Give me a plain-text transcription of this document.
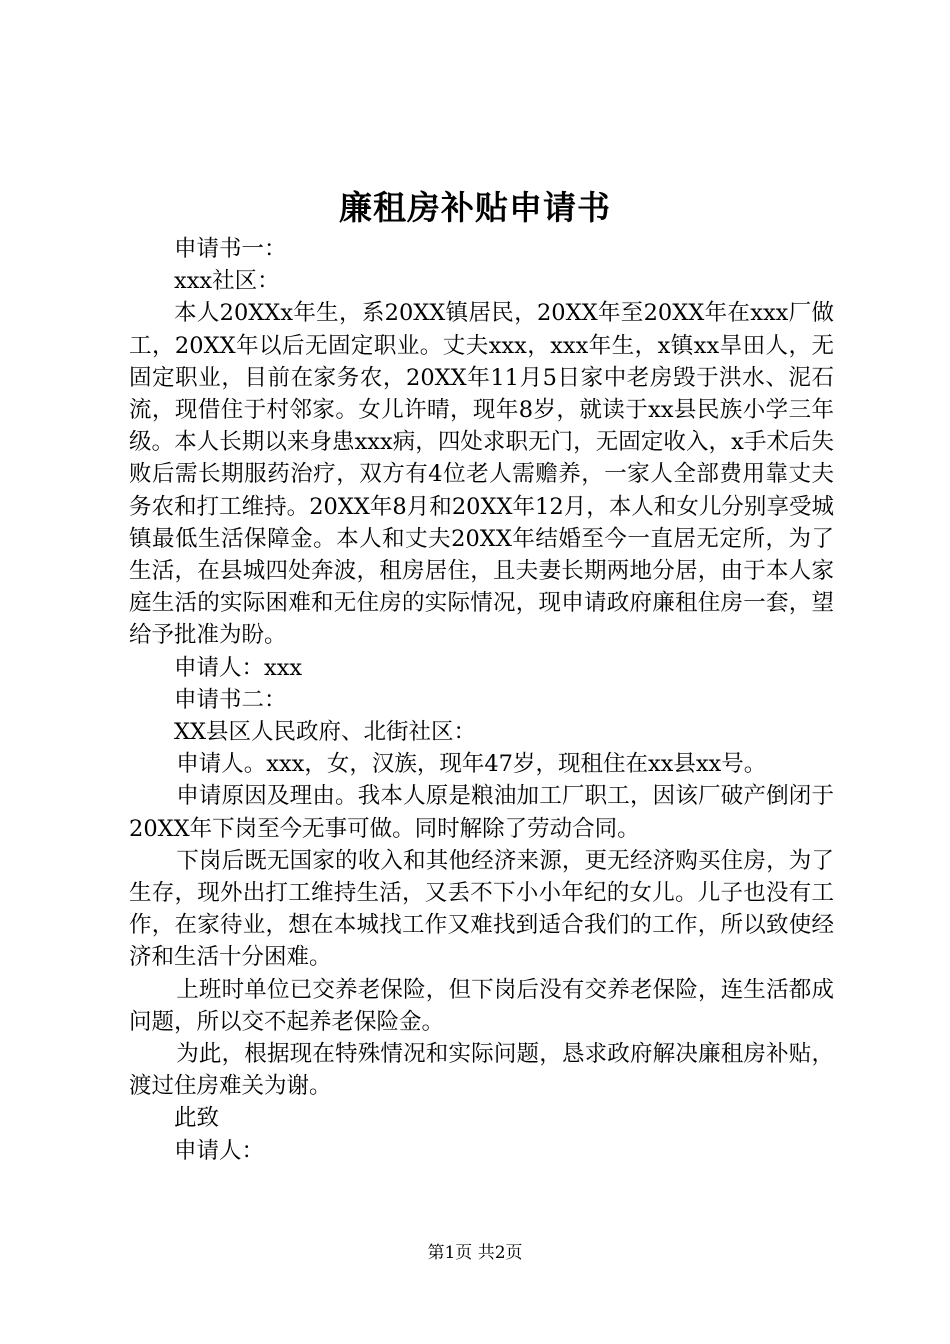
廉租房补贴申请书

申请书一：

xxx社区：

本人20XXx年生，系20XX镇居民，20XX年至20XX年在xxx厂做工，20XX年以后无固定职业。丈夫xxx，xxx年生，x镇xx旱田人，无固定职业，目前在家务农，20XX年11月5日家中老房毁于洪水、泥石流，现借住于村邻家。女儿许晴，现年8岁，就读于xx县民族小学三年级。本人长期以来身患xxx病，四处求职无门，无固定收入，x手术后失败后需长期服药治疗，双方有4位老人需赡养，一家人全部费用靠丈夫务农和打工维持。20XX年8月和20XX年12月，本人和女儿分别享受城镇最低生活保障金。本人和丈夫20XX年结婚至今一直居无定所，为了生活，在县城四处奔波，租房居住，且夫妻长期两地分居，由于本人家庭生活的实际困难和无住房的实际情况，现申请政府廉租住房一套，望给予批准为盼。

申请人：xxx

申请书二：

XX县区人民政府、北街社区：

申请人。xxx，女，汉族，现年47岁，现租住在xx县xx号。

申请原因及理由。我本人原是粮油加工厂职工，因该厂破产倒闭于20XX年下岗至今无事可做。同时解除了劳动合同。

下岗后既无国家的收入和其他经济来源，更无经济购买住房，为了生存，现外出打工维持生活，又丢不下小小年纪的女儿。儿子也没有工作，在家待业，想在本城找工作又难找到适合我们的工作，所以致使经济和生活十分困难。

上班时单位已交养老保险，但下岗后没有交养老保险，连生活都成问题，所以交不起养老保险金。

为此，根据现在特殊情况和实际问题，恳求政府解决廉租房补贴，渡过住房难关为谢。

此致

申请人：

第1页 共2页
